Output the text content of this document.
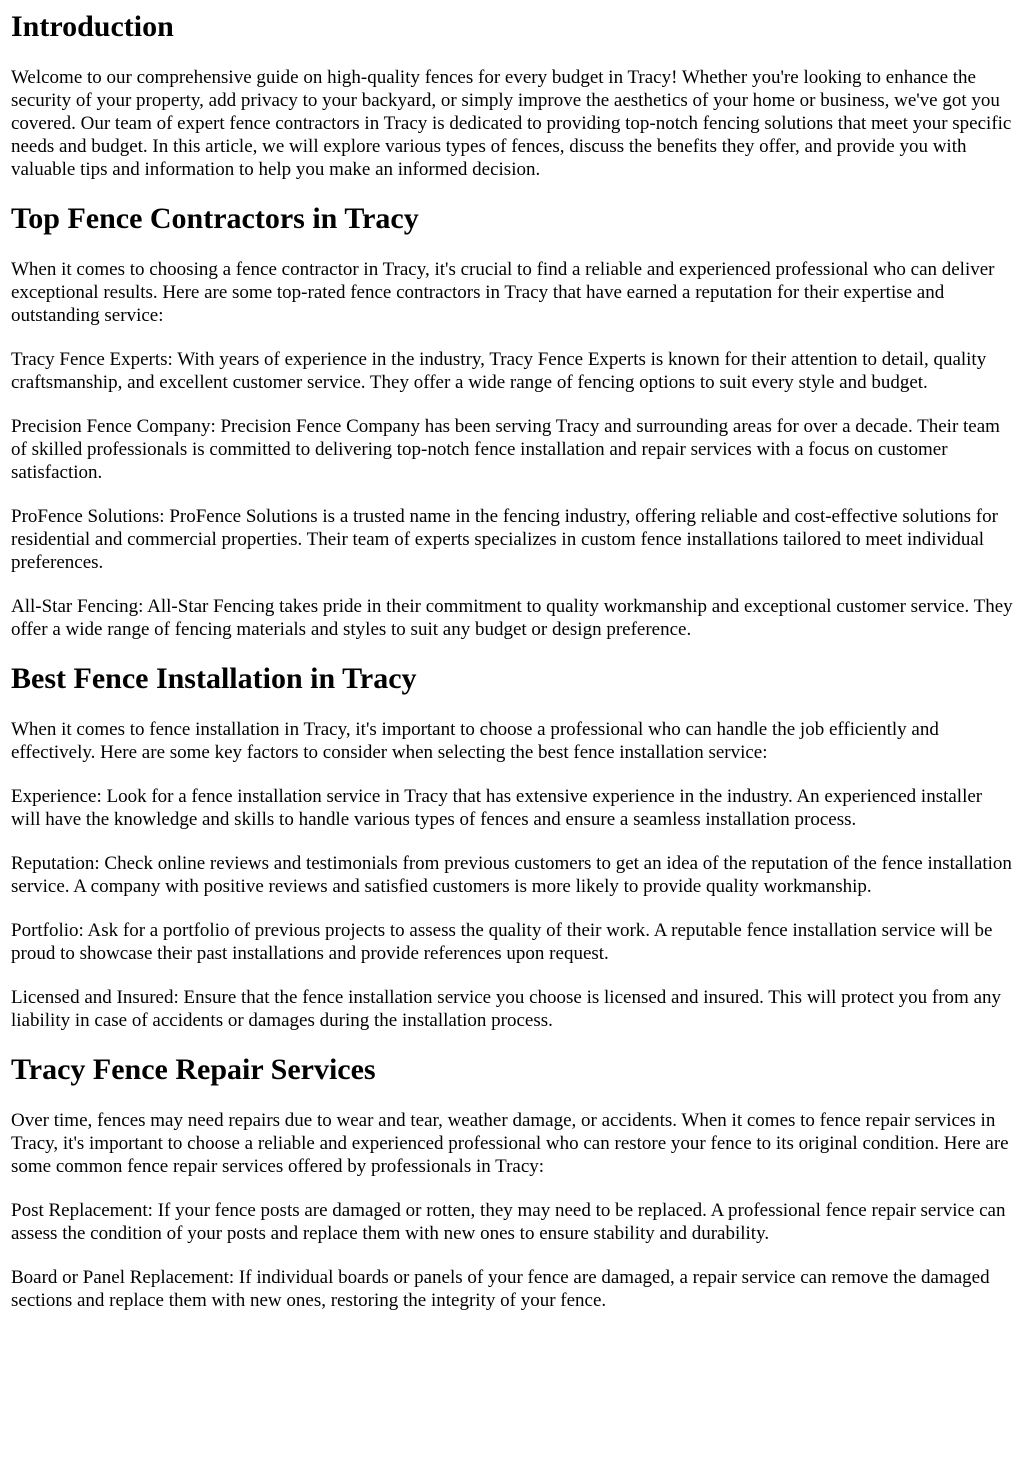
Introduction

Welcome to our comprehensive guide on high-quality fences for every budget in Tracy! Whether you're looking to enhance the security of your property, add privacy to your backyard, or simply improve the aesthetics of your home or business, we've got you covered. Our team of expert fence contractors in Tracy is dedicated to providing top-notch fencing solutions that meet your specific needs and budget. In this article, we will explore various types of fences, discuss the benefits they offer, and provide you with valuable tips and information to help you make an informed decision.

Top Fence Contractors in Tracy

When it comes to choosing a fence contractor in Tracy, it's crucial to find a reliable and experienced professional who can deliver exceptional results. Here are some top-rated fence contractors in Tracy that have earned a reputation for their expertise and outstanding service:

Tracy Fence Experts: With years of experience in the industry, Tracy Fence Experts is known for their attention to detail, quality craftsmanship, and excellent customer service. They offer a wide range of fencing options to suit every style and budget.

Precision Fence Company: Precision Fence Company has been serving Tracy and surrounding areas for over a decade. Their team of skilled professionals is committed to delivering top-notch fence installation and repair services with a focus on customer satisfaction.

ProFence Solutions: ProFence Solutions is a trusted name in the fencing industry, offering reliable and cost-effective solutions for residential and commercial properties. Their team of experts specializes in custom fence installations tailored to meet individual preferences.

All-Star Fencing: All-Star Fencing takes pride in their commitment to quality workmanship and exceptional customer service. They offer a wide range of fencing materials and styles to suit any budget or design preference.

Best Fence Installation in Tracy

When it comes to fence installation in Tracy, it's important to choose a professional who can handle the job efficiently and effectively. Here are some key factors to consider when selecting the best fence installation service:

Experience: Look for a fence installation service in Tracy that has extensive experience in the industry. An experienced installer will have the knowledge and skills to handle various types of fences and ensure a seamless installation process.

Reputation: Check online reviews and testimonials from previous customers to get an idea of the reputation of the fence installation service. A company with positive reviews and satisfied customers is more likely to provide quality workmanship.

Portfolio: Ask for a portfolio of previous projects to assess the quality of their work. A reputable fence installation service will be proud to showcase their past installations and provide references upon request.

Licensed and Insured: Ensure that the fence installation service you choose is licensed and insured. This will protect you from any liability in case of accidents or damages during the installation process.

Tracy Fence Repair Services

Over time, fences may need repairs due to wear and tear, weather damage, or accidents. When it comes to fence repair services in Tracy, it's important to choose a reliable and experienced professional who can restore your fence to its original condition. Here are some common fence repair services offered by professionals in Tracy:

Post Replacement: If your fence posts are damaged or rotten, they may need to be replaced. A professional fence repair service can assess the condition of your posts and replace them with new ones to ensure stability and durability.

Board or Panel Replacement: If individual boards or panels of your fence are damaged, a repair service can remove the damaged sections and replace them with new ones, restoring the integrity of your fence.
